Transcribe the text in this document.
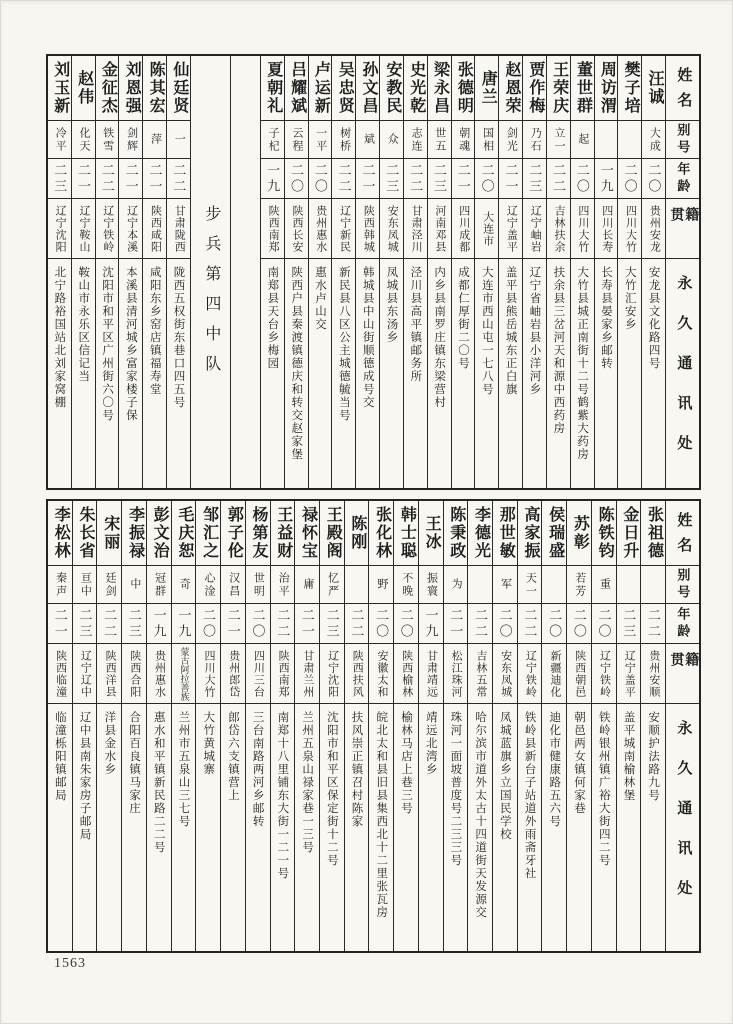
姓名
别号
年龄
籍贯
永久通讯处
汪诚
大成
二〇
贵州安龙
安龙县文化路四号
樊子培
二〇
四川大竹
大竹汇安乡
周访渭
一九
四川长寿
长寿县晏家乡邮转
董世群
起
二〇
四川大竹
大竹县城正南街十二号鹤紫大药房
王荣庆
立一
二二
吉林扶余
扶余县三岔河天和源中西药房
贾作梅
乃石
二三
辽宁岫岩
辽宁省岫岩县小洋河乡
赵恩荣
剑光
二一
辽宁盖平
盖平县熊岳城东正白旗
唐兰
国相
二〇
大连市
大连市西山屯一七八号
张德明
朝魂
二一
四川成都
成都仁厚街二〇号
梁永昌
世五
二三
河南邓县
内乡县南罗庄镇东梁营村
史光乾
志连
二二
甘肃泾川
泾川县高平镇邮务所
安教民
众
二三
安东凤城
凤城县东汤乡
孙文昌
斌
二一
陕西韩城
韩城县中山街顺德成号交
吴忠贤
树桥
二二
辽宁新民
新民县八区公主城德毓当号
卢运新
一平
二〇
贵州惠水
惠水卢山交
吕耀斌
云程
二〇
陕西长安
陕西户县秦渡镇德庆和转交赵家堡
夏朝礼
子杞
一九
陕西南郑
南郑县天台乡梅园
步兵第四中队
仙廷贤
一
二二
甘肃陇西
陇西五权街东巷口四五号
陈其宏
萍
二一
陕西咸阳
咸阳东乡窑店镇福寿堂
刘恩强
剑辉
二一
辽宁本溪
本溪县清河城乡富家楼子保
金征杰
铁雪
二二
辽宁铁岭
沈阳市和平区广州街六〇号
赵伟
化天
二一
辽宁鞍山
鞍山市永乐区信记当
刘玉新
冷平
二三
辽宁沈阳
北宁路裕国站北刘家窝棚
姓名
别号
年龄
籍贯
永久通讯处
张祖德
二二
贵州安顺
安顺护法路九号
金日升
二三
辽宁盖平
盖平城南榆林堡
陈铁钧
重
二〇
辽宁铁岭
铁岭银州镇广裕大街四二号
苏彰
若芳
二〇
陕西朝邑
朝邑两女镇何家巷
侯瑞盛
二〇
新疆迪化
迪化市健康路五六号
高家振
天一
二二
辽宁铁岭
铁岭县新台子站道外雨斋牙社
那世敏
军
二〇
安东凤城
凤城蓝旗乡立国民学校
李德光
二二
吉林五常
哈尔滨市道外太古十四道街天发源交
陈秉政
为
二一
松江珠河
珠河一面坡普度号二三三号
王冰
振寰
一九
甘肃靖远
靖远北湾乡
韩士聪
不晚
二〇
陕西榆林
榆林马店上巷三号
张化林
野
二〇
安徽太和
皖北太和县旧县集西北十二里张瓦房
陈刚
二二
陕西扶风
扶风崇正镇召村陈家
王殿阁
忆严
二三
辽宁沈阳
沈阳市和平区保定街十二号
禄怀宝
庸
二一
甘肃兰州
兰州五泉山禄家巷一三号
王益财
治平
二二
陕西南郑
南郑十八里铺东大街一二一号
杨第友
世明
二〇
四川三台
三台南路两河乡邮转
郭子伦
汉昌
二一
贵州郎岱
郎岱六支镇营上
邹汇之
心淦
二〇
四川大竹
大竹黄城寨
毛庆恕
奇
一九
蒙古阿拉善族
兰州市五泉山三七号
彭文治
冠群
一九
贵州惠水
惠水和平镇新民路二二号
李振禄
中
二三
陕西合阳
合阳百良镇马家庄
宋丽
廷剑
二二
陕西洋县
洋县金水乡
朱长省
亘中
二三
辽宁辽中
辽中县南朱家房子邮局
李松林
秦声
二一
陕西临潼
临潼栎阳镇邮局
1563
